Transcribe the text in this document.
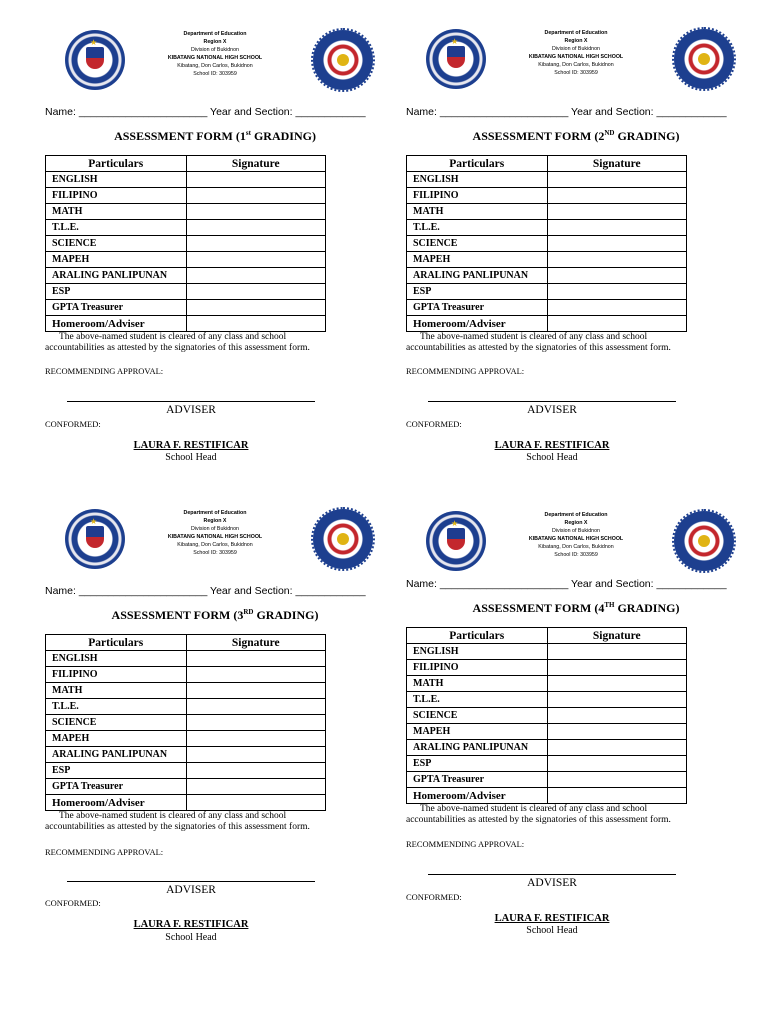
★
Department of Education
Region X
Division of Bukidnon
KIBATANG NATIONAL HIGH SCHOOL
Kibatang, Don Carlos, Bukidnon
School ID: 303959
Name: ______________________ Year and Section: ____________
ASSESSMENT FORM (1st GRADING)
Particulars	Signature
ENGLISH	
FILIPINO	
MATH	
T.L.E.	
SCIENCE	
MAPEH	
ARALING PANLIPUNAN	
ESP	
GPTA Treasurer	
Homeroom/Adviser	
The above-named student is cleared of any class and school
accountabilities as attested by the signatories of this assessment form.
RECOMMENDING APPROVAL:
ADVISER
CONFORMED:
LAURA F. RESTIFICAR
School Head
★
Department of Education
Region X
Division of Bukidnon
KIBATANG NATIONAL HIGH SCHOOL
Kibatang, Don Carlos, Bukidnon
School ID: 303959
Name: ______________________ Year and Section: ____________
ASSESSMENT FORM (2ND GRADING)
Particulars	Signature
ENGLISH	
FILIPINO	
MATH	
T.L.E.	
SCIENCE	
MAPEH	
ARALING PANLIPUNAN	
ESP	
GPTA Treasurer	
Homeroom/Adviser	
The above-named student is cleared of any class and school
accountabilities as attested by the signatories of this assessment form.
RECOMMENDING APPROVAL:
ADVISER
CONFORMED:
LAURA F. RESTIFICAR
School Head
★
Department of Education
Region X
Division of Bukidnon
KIBATANG NATIONAL HIGH SCHOOL
Kibatang, Don Carlos, Bukidnon
School ID: 303959
Name: ______________________ Year and Section: ____________
ASSESSMENT FORM (3RD GRADING)
Particulars	Signature
ENGLISH	
FILIPINO	
MATH	
T.L.E.	
SCIENCE	
MAPEH	
ARALING PANLIPUNAN	
ESP	
GPTA Treasurer	
Homeroom/Adviser	
The above-named student is cleared of any class and school
accountabilities as attested by the signatories of this assessment form.
RECOMMENDING APPROVAL:
ADVISER
CONFORMED:
LAURA F. RESTIFICAR
School Head
★
Department of Education
Region X
Division of Bukidnon
KIBATANG NATIONAL HIGH SCHOOL
Kibatang, Don Carlos, Bukidnon
School ID: 303959
Name: ______________________ Year and Section: ____________
ASSESSMENT FORM (4TH GRADING)
Particulars	Signature
ENGLISH	
FILIPINO	
MATH	
T.L.E.	
SCIENCE	
MAPEH	
ARALING PANLIPUNAN	
ESP	
GPTA Treasurer	
Homeroom/Adviser	
The above-named student is cleared of any class and school
accountabilities as attested by the signatories of this assessment form.
RECOMMENDING APPROVAL:
ADVISER
CONFORMED:
LAURA F. RESTIFICAR
School Head
